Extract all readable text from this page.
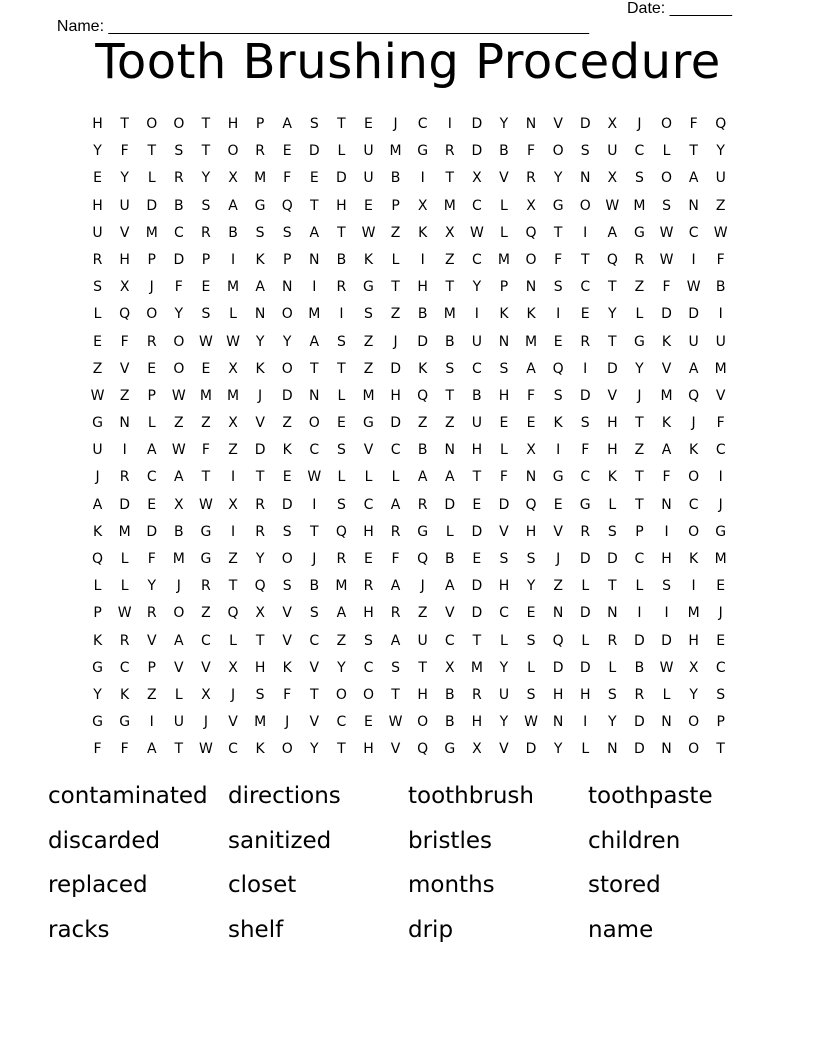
Name: ______________________________________________________

Date: _______

Tooth Brushing Procedure
H	T	O	O	T	H	P	A	S	T	E	J	C	I	D	Y	N	V	D	X	J	O	F	Q
Y	F	T	S	T	O	R	E	D	L	U	M	G	R	D	B	F	O	S	U	C	L	T	Y
E	Y	L	R	Y	X	M	F	E	D	U	B	I	T	X	V	R	Y	N	X	S	O	A	U
H	U	D	B	S	A	G	Q	T	H	E	P	X	M	C	L	X	G	O	W	M	S	N	Z
U	V	M	C	R	B	S	S	A	T	W	Z	K	X	W	L	Q	T	I	A	G	W	C	W
R	H	P	D	P	I	K	P	N	B	K	L	I	Z	C	M	O	F	T	Q	R	W	I	F
S	X	J	F	E	M	A	N	I	R	G	T	H	T	Y	P	N	S	C	T	Z	F	W	B
L	Q	O	Y	S	L	N	O	M	I	S	Z	B	M	I	K	K	I	E	Y	L	D	D	I
E	F	R	O	W W	Y	Y	A	S	Z	J	D	B	U	N	M	E	R	T	G	K	U	U
Z	V	E	O	E	X	K	O	T	T	Z	D	K	S	C	S	A	Q	I	D	Y	V	A	M
W	Z	P	W	M	M	J	D	N	L	M	H	Q	T	B	H	F	S	D	V	J	M	Q	V
G	N	L	Z	Z	X	V	Z	O	E	G	D	Z	Z	U	E	E	K	S	H	T	K	J	F
U	I	A	W	F	Z	D	K	C	S	V	C	B	N	H	L	X	I	F	H	Z	A	K	C
J	R	C	A	T	I	T	E	W	L	L	L	A	A	T	F	N	G	C	K	T	F	O	I
A	D	E	X	W	X	R	D	I	S	C	A	R	D	E	D	Q	E	G	L	T	N	C	J
K	M	D	B	G	I	R	S	T	Q	H	R	G	L	D	V	H	V	R	S	P	I	O	G
Q	L	F	M	G	Z	Y	O	J	R	E	F	Q	B	E	S	S	J	D	D	C	H	K	M
L	L	Y	J	R	T	Q	S	B	M	R	A	J	A	D	H	Y	Z	L	T	L	S	I	E
P	W	R	O	Z	Q	X	V	S	A	H	R	Z	V	D	C	E	N	D	N	I	I	M	J
K	R	V	A	C	L	T	V	C	Z	S	A	U	C	T	L	S	Q	L	R	D	D	H	E
G	C	P	V	V	X	H	K	V	Y	C	S	T	X	M	Y	L	D	D	L	B	W	X	C
Y	K	Z	L	X	J	S	F	T	O	O	T	H	B	R	U	S	H	H	S	R	L	Y	S
G	G	I	U	J	V	M	J	V	C	E	W	O	B	H	Y	W	N	I	Y	D	N	O	P
F	F	A	T	W	C	K	O	Y	T	H	V	Q	G	X	V	D	Y	L	N	D	N	O	T
contaminated directions	toothbrush	toothpaste
discarded	sanitized	bristles	children
replaced	closet	months	stored
racks	shelf	drip	name
